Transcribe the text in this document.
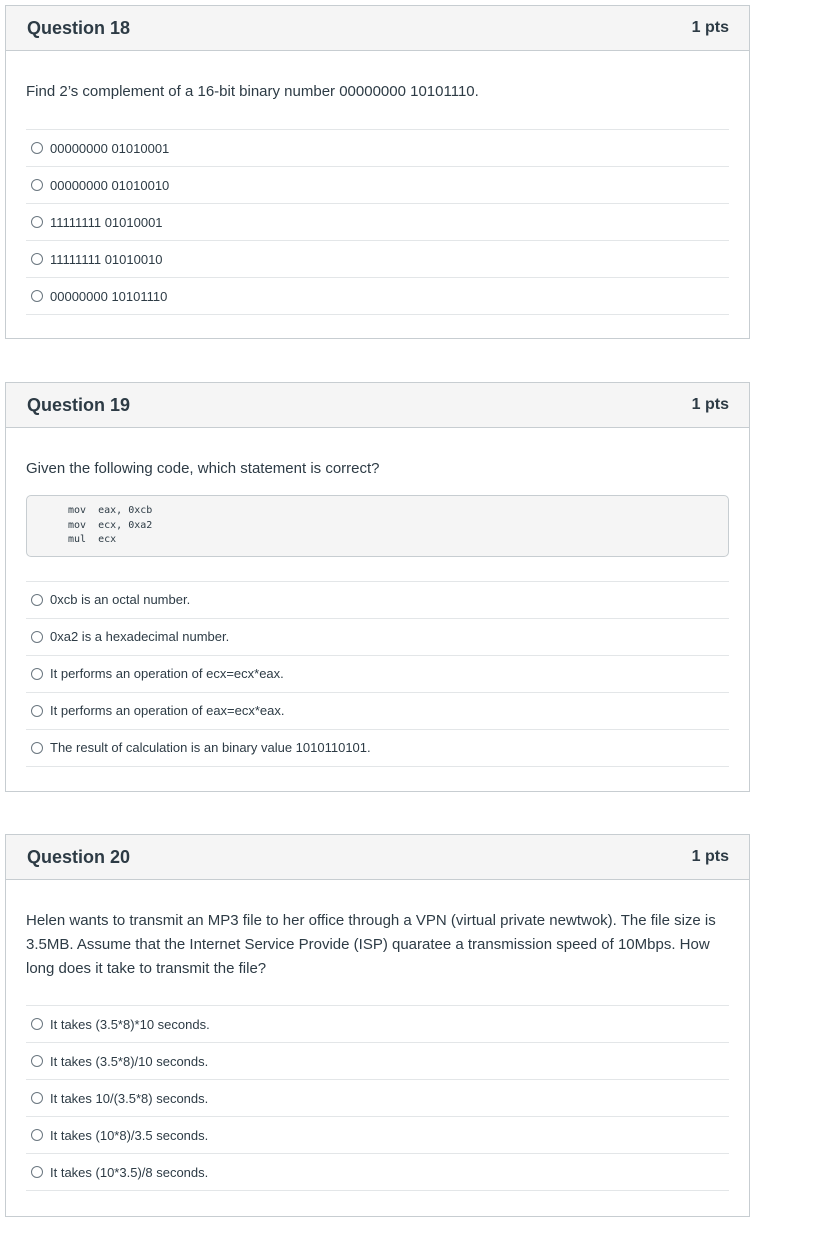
Question 18	1 pts
Find 2’s complement of a 16-bit binary number 00000000 10101110.
00000000 01010001
00000000 01010010
11111111 01010001
11111111 01010010
00000000 10101110
Question 19	1 pts
Given the following code, which statement is correct?
mov  eax, 0xcb
mov  ecx, 0xa2
mul  ecx
0xcb is an octal number.
0xa2 is a hexadecimal number.
It performs an operation of ecx=ecx*eax.
It performs an operation of eax=ecx*eax.
The result of calculation is an binary value 1010110101.
Question 20	1 pts
Helen wants to transmit an MP3 file to her office through a VPN (virtual private newtwok). The file size is 3.5MB. Assume that the Internet Service Provide (ISP) quaratee a transmission speed of 10Mbps. How long does it take to transmit the file?
It takes (3.5*8)*10 seconds.
It takes (3.5*8)/10 seconds.
It takes 10/(3.5*8) seconds.
It takes (10*8)/3.5 seconds.
It takes (10*3.5)/8 seconds.
